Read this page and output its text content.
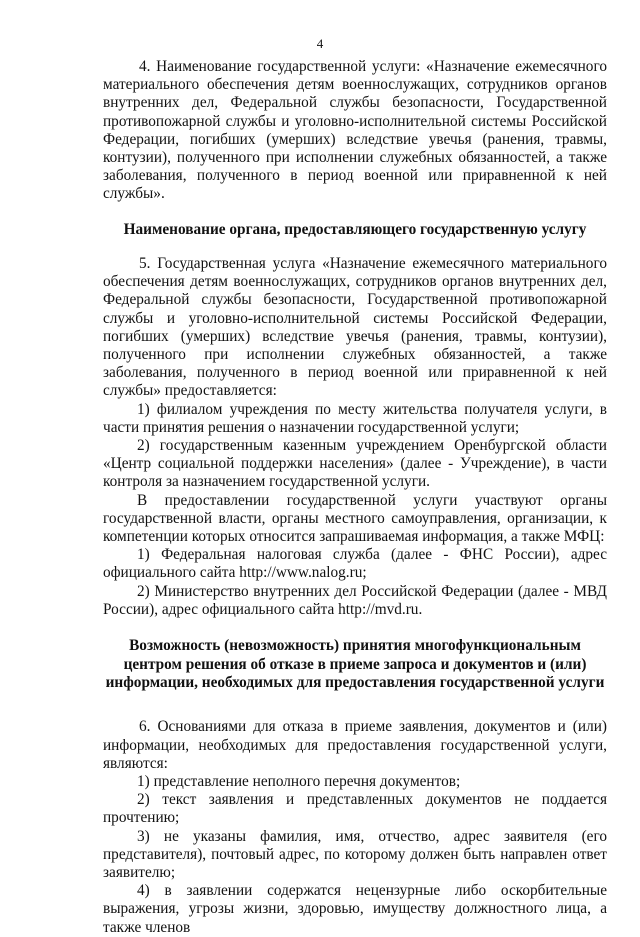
4

4. Наименование государственной услуги: «Назначение ежемесячного материального обеспечения детям военнослужащих, сотрудников органов внутренних дел, Федеральной службы безопасности, Государственной противопожарной службы и уголовно-исполнительной системы Российской Федерации, погибших (умерших) вследствие увечья (ранения, травмы, контузии), полученного при исполнении служебных обязанностей, а также заболевания, полученного в период военной или приравненной к ней службы».

Наименование органа, предоставляющего государственную услугу

5. Государственная услуга «Назначение ежемесячного материального обеспечения детям военнослужащих, сотрудников органов внутренних дел, Федеральной службы безопасности, Государственной противопожарной службы и уголовно-исполнительной системы Российской Федерации, погибших (умерших) вследствие увечья (ранения, травмы, контузии), полученного при исполнении служебных обязанностей, а также заболевания, полученного в период военной или приравненной к ней службы» предоставляется:

1) филиалом учреждения по месту жительства получателя услуги, в части принятия решения о назначении государственной услуги;

2) государственным казенным учреждением Оренбургской области «Центр социальной поддержки населения» (далее - Учреждение), в части контроля за назначением государственной услуги.

В предоставлении государственной услуги участвуют органы государственной власти, органы местного самоуправления, организации, к компетенции которых относится запрашиваемая информация, а также МФЦ:

1) Федеральная налоговая служба (далее - ФНС России), адрес официального сайта http://www.nalog.ru;

2) Министерство внутренних дел Российской Федерации (далее - МВД России), адрес официального сайта http://mvd.ru.

Возможность (невозможность) принятия многофункциональным центром решения об отказе в приеме запроса и документов и (или) информации, необходимых для предоставления государственной услуги

6. Основаниями для отказа в приеме заявления, документов и (или) информации, необходимых для предоставления государственной услуги, являются:

1) представление неполного перечня документов;

2) текст заявления и представленных документов не поддается прочтению;

3) не указаны фамилия, имя, отчество, адрес заявителя (его представителя), почтовый адрес, по которому должен быть направлен ответ заявителю;

4) в заявлении содержатся нецензурные либо оскорбительные выражения, угрозы жизни, здоровью, имуществу должностного лица, а также членов
